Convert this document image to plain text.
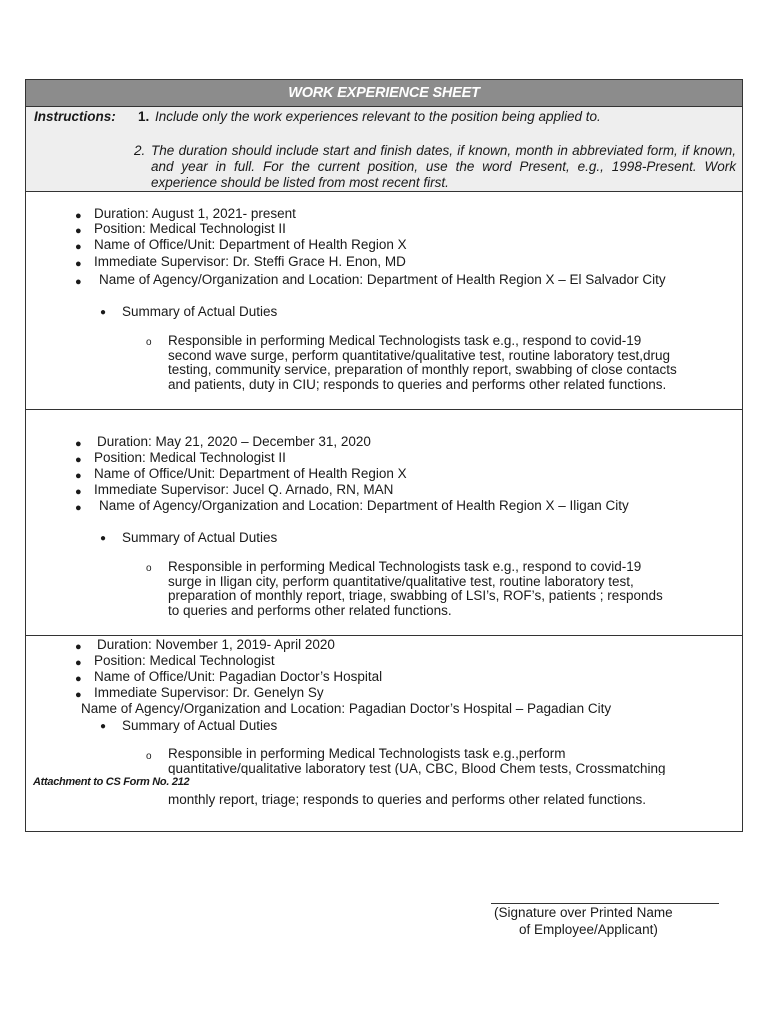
WORK EXPERIENCE SHEET
Instructions: 1. Include only the work experiences relevant to the position being applied to.
2. The duration should include start and finish dates, if known, month in abbreviated form, if known, and year in full. For the current position, use the word Present, e.g., 1998-Present. Work experience should be listed from most recent first.
● Duration: August 1, 2021- present
● Position: Medical Technologist II
● Name of Office/Unit: Department of Health Region X
● Immediate Supervisor: Dr. Steffi Grace H. Enon, MD
● Name of Agency/Organization and Location: Department of Health Region X – El Salvador City
● Summary of Actual Duties
o Responsible in performing Medical Technologists task e.g., respond to covid-19
second wave surge, perform quantitative/qualitative test, routine laboratory test,drug
testing, community service, preparation of monthly report, swabbing of close contacts
and patients, duty in CIU; responds to queries and performs other related functions.
● Duration: May 21, 2020 – December 31, 2020
● Position: Medical Technologist II
● Name of Office/Unit: Department of Health Region X
● Immediate Supervisor: Jucel Q. Arnado, RN, MAN
● Name of Agency/Organization and Location: Department of Health Region X – Iligan City
● Summary of Actual Duties
o Responsible in performing Medical Technologists task e.g., respond to covid-19
surge in Iligan city, perform quantitative/qualitative test, routine laboratory test,
preparation of monthly report, triage, swabbing of LSI’s, ROF’s, patients ; responds
to queries and performs other related functions.
● Duration: November 1, 2019- April 2020
● Position: Medical Technologist
● Name of Office/Unit: Pagadian Doctor’s Hospital
● Immediate Supervisor: Dr. Genelyn Sy
Name of Agency/Organization and Location: Pagadian Doctor’s Hospital – Pagadian City
● Summary of Actual Duties
o Responsible in performing Medical Technologists task e.g.,perform
quantitative/qualitative laboratory test (UA, CBC, Blood Chem tests, Crossmatching
monthly report, triage; responds to queries and performs other related functions.
Attachment to CS Form No. 212
(Signature over Printed Name
of Employee/Applicant)
